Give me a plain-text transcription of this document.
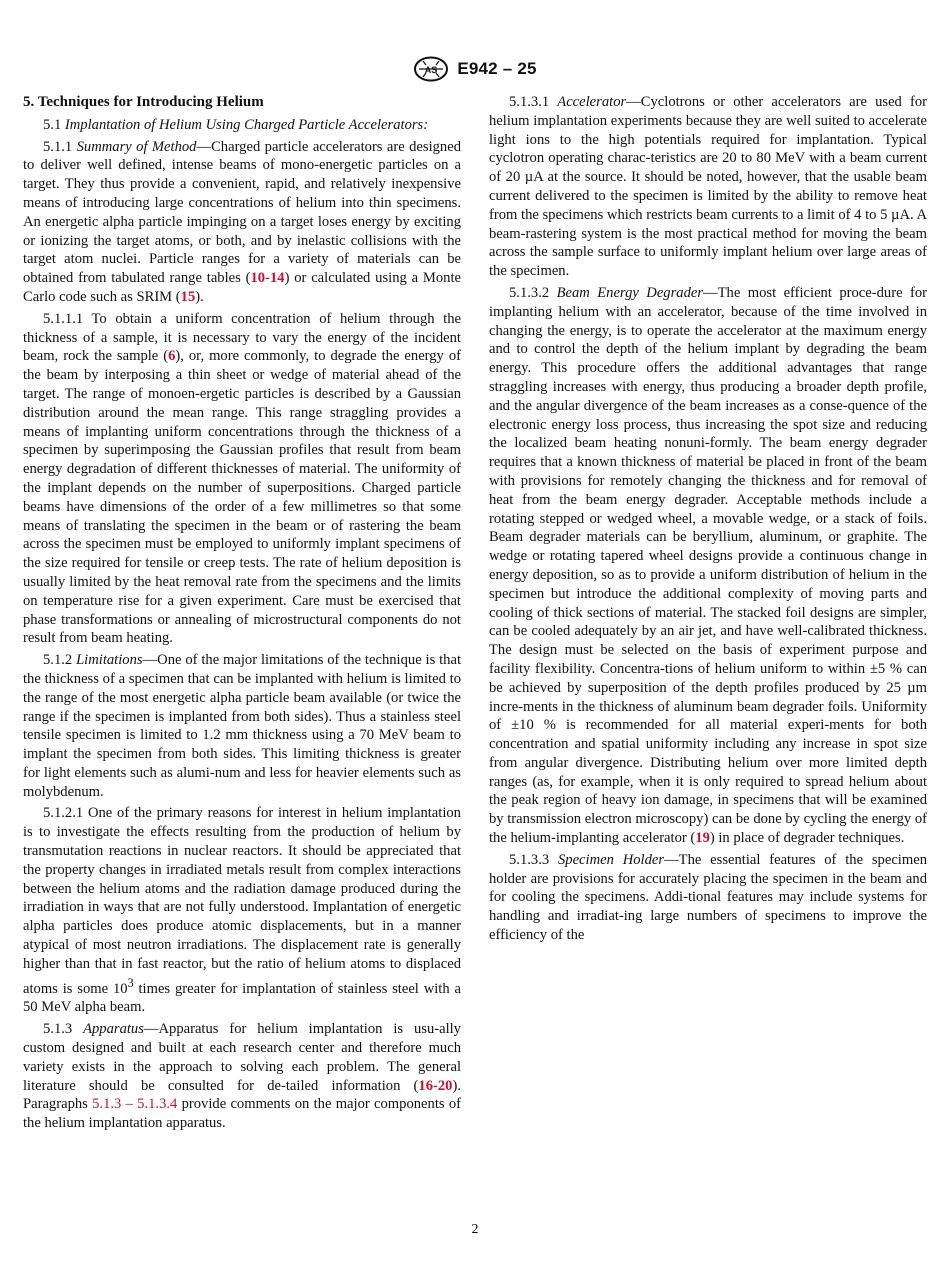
AS E942 – 25

5. Techniques for Introducing Helium

5.1 Implantation of Helium Using Charged Particle Accelerators:

5.1.1 Summary of Method—Charged particle accelerators are designed to deliver well defined, intense beams of mono-energetic particles on a target. They thus provide a convenient, rapid, and relatively inexpensive means of introducing large concentrations of helium into thin specimens. An energetic alpha particle impinging on a target loses energy by exciting or ionizing the target atoms, or both, and by inelastic collisions with the target atom nuclei. Particle ranges for a variety of materials can be obtained from tabulated range tables (10-14) or calculated using a Monte Carlo code such as SRIM (15).

5.1.1.1 To obtain a uniform concentration of helium through the thickness of a sample, it is necessary to vary the energy of the incident beam, rock the sample (6), or, more commonly, to degrade the energy of the beam by interposing a thin sheet or wedge of material ahead of the target. The range of monoen-ergetic particles is described by a Gaussian distribution around the mean range. This range straggling provides a means of implanting uniform concentrations through the thickness of a specimen by superimposing the Gaussian profiles that result from beam energy degradation of different thicknesses of material. The uniformity of the implant depends on the number of superpositions. Charged particle beams have dimensions of the order of a few millimetres so that some means of translating the specimen in the beam or of rastering the beam across the specimen must be employed to uniformly implant specimens of the size required for tensile or creep tests. The rate of helium deposition is usually limited by the heat removal rate from the specimens and the limits on temperature rise for a given experiment. Care must be exercised that phase transformations or annealing of microstructural components do not result from beam heating.

5.1.2 Limitations—One of the major limitations of the technique is that the thickness of a specimen that can be implanted with helium is limited to the range of the most energetic alpha particle beam available (or twice the range if the specimen is implanted from both sides). Thus a stainless steel tensile specimen is limited to 1.2 mm thickness using a 70 MeV beam to implant the specimen from both sides. This limiting thickness is greater for light elements such as alumi-num and less for heavier elements such as molybdenum.

5.1.2.1 One of the primary reasons for interest in helium implantation is to investigate the effects resulting from the production of helium by transmutation reactions in nuclear reactors. It should be appreciated that the property changes in irradiated metals result from complex interactions between the helium atoms and the radiation damage produced during the irradiation in ways that are not fully understood. Implantation of energetic alpha particles does produce atomic displacements, but in a manner atypical of most neutron irradiations. The displacement rate is generally higher than that in fast reactor, but the ratio of helium atoms to displaced atoms is some $10^3$ times greater for implantation of stainless steel with a 50 MeV alpha beam.

5.1.3 Apparatus—Apparatus for helium implantation is usu-ally custom designed and built at each research center and therefore much variety exists in the approach to solving each problem. The general literature should be consulted for de-tailed information (16-20). Paragraphs 5.1.3 – 5.1.3.4 provide comments on the major components of the helium implantation apparatus.

5.1.3.1 Accelerator—Cyclotrons or other accelerators are used for helium implantation experiments because they are well suited to accelerate light ions to the high potentials required for implantation. Typical cyclotron operating charac-teristics are 20 to 80 MeV with a beam current of 20 µA at the source. It should be noted, however, that the usable beam current delivered to the specimen is limited by the ability to remove heat from the specimens which restricts beam currents to a limit of 4 to 5 µA. A beam-rastering system is the most practical method for moving the beam across the sample surface to uniformly implant helium over large areas of the specimen.

5.1.3.2 Beam Energy Degrader—The most efficient proce-dure for implanting helium with an accelerator, because of the time involved in changing the energy, is to operate the accelerator at the maximum energy and to control the depth of the helium implant by degrading the beam energy. This procedure offers the additional advantages that range straggling increases with energy, thus producing a broader depth profile, and the angular divergence of the beam increases as a conse-quence of the electronic energy loss process, thus increasing the spot size and reducing the localized beam heating nonuni-formly. The beam energy degrader requires that a known thickness of material be placed in front of the beam with provisions for remotely changing the thickness and for removal of heat from the beam energy degrader. Acceptable methods include a rotating stepped or wedged wheel, a movable wedge, or a stack of foils. Beam degrader materials can be beryllium, aluminum, or graphite. The wedge or rotating tapered wheel designs provide a continuous change in energy deposition, so as to provide a uniform distribution of helium in the specimen but introduce the additional complexity of moving parts and cooling of thick sections of material. The stacked foil designs are simpler, can be cooled adequately by an air jet, and have well-calibrated thickness. The design must be selected on the basis of experiment purpose and facility flexibility. Concentra-tions of helium uniform to within ±5 % can be achieved by superposition of the depth profiles produced by 25 µm incre-ments in the thickness of aluminum beam degrader foils. Uniformity of ±10 % is recommended for all material experi-ments for both concentration and spatial uniformity including any increase in spot size from angular divergence. Distributing helium over more limited depth ranges (as, for example, when it is only required to spread helium about the peak region of heavy ion damage, in specimens that will be examined by transmission electron microscopy) can be done by cycling the energy of the helium-implanting accelerator (19) in place of degrader techniques.

5.1.3.3 Specimen Holder—The essential features of the specimen holder are provisions for accurately placing the specimen in the beam and for cooling the specimens. Addi-tional features may include systems for handling and irradiat-ing large numbers of specimens to improve the efficiency of the

2
